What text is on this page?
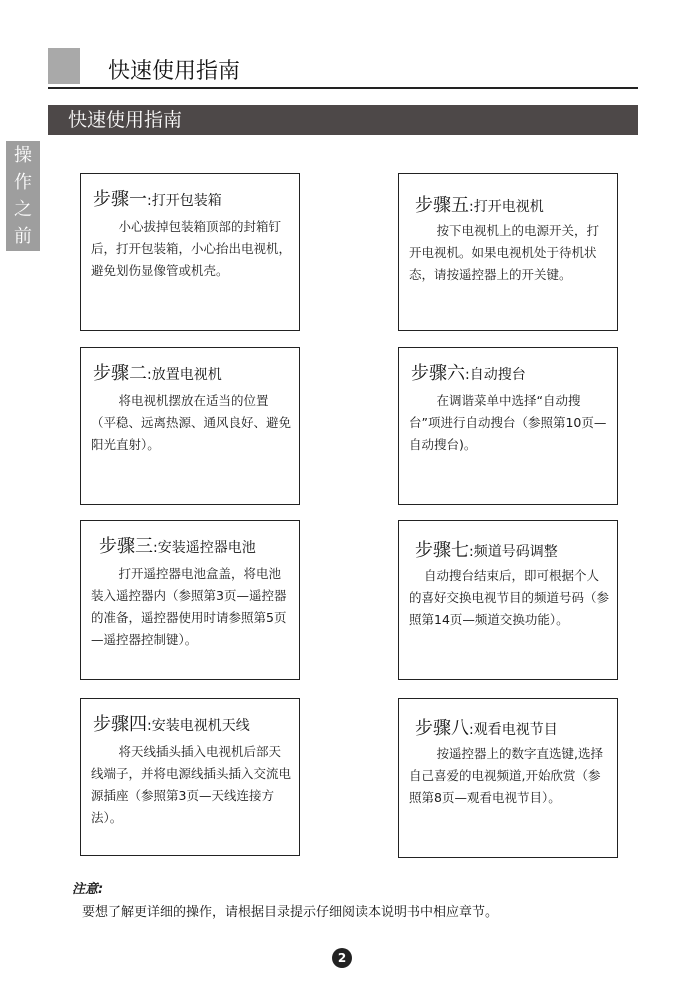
快速使用指南
快速使用指南
操
作
之
前
步骤一:打开包装箱
小心拔掉包装箱顶部的封箱钉后，打开包装箱，小心抬出电视机，避免划伤显像管或机壳。
步骤二:放置电视机
将电视机摆放在适当的位置（平稳、远离热源、通风良好、避免阳光直射）。
步骤三:安装遥控器电池
打开遥控器电池盒盖，将电池装入遥控器内（参照第3页—遥控器的准备，遥控器使用时请参照第5页—遥控器控制键）。
步骤四:安装电视机天线
将天线插头插入电视机后部天线端子，并将电源线插头插入交流电源插座（参照第3页—天线连接方法）。
步骤五:打开电视机
按下电视机上的电源开关，打开电视机。如果电视机处于待机状态，请按遥控器上的开关键。
步骤六:自动搜台
在调谐菜单中选择“自动搜台”项进行自动搜台（参照第10页—自动搜台)。
步骤七:频道号码调整
自动搜台结束后，即可根据个人的喜好交换电视节目的频道号码（参照第14页—频道交换功能）。
步骤八:观看电视节目
按遥控器上的数字直选键,选择自己喜爱的电视频道,开始欣赏（参照第8页—观看电视节目）。
注意:
要想了解更详细的操作，请根据目录提示仔细阅读本说明书中相应章节。
2
